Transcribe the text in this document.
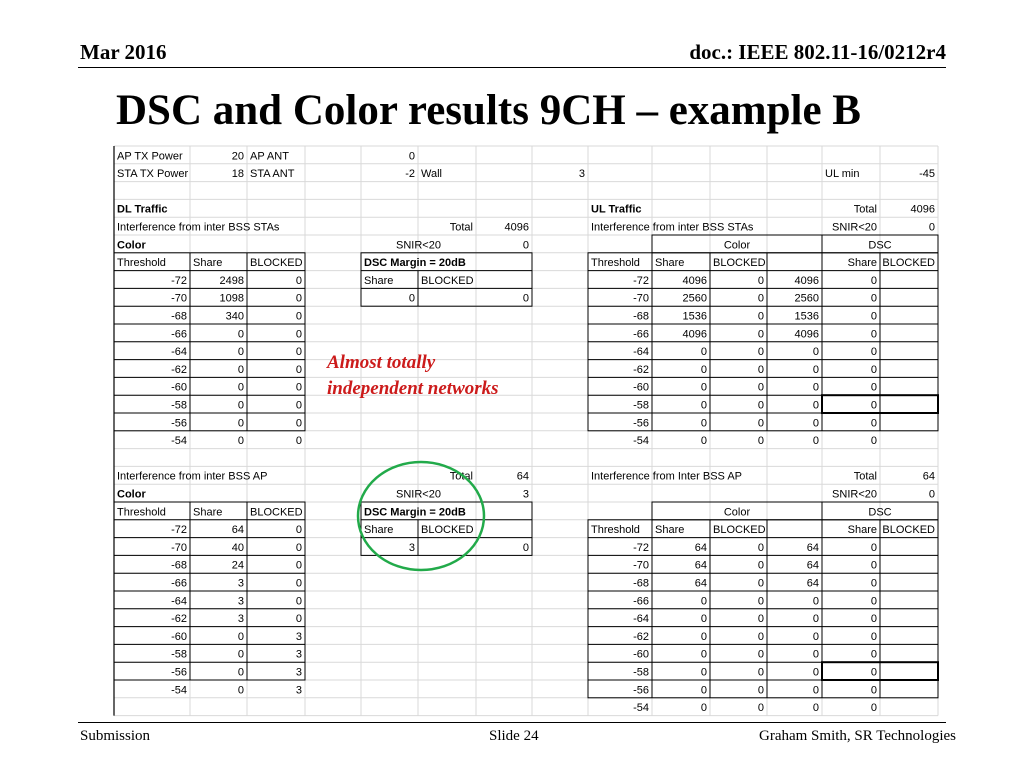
Mar 2016	doc.: IEEE 802.11-16/0212r4
DSC and Color results 9CH – example B
AP TX Power	20 AP ANT	0
STA TX Power	18 STA ANT	-2 Wall	3	UL min	-45
DL Traffic
Interference from inter BSS STAs	Total	4096
Color	SNIR<20	0
Threshold Share	BLOCKED
-72	2498	0
-70	1098	0
-68	340	0
-66	0	0
-64	0	0
-62	0	0
-60	0	0
-58	0	0
-56	0	0
-54	0	0
DSC Margin = 20dB
Share	BLOCKED
0	0
Interference from inter BSS AP	Total	64
Color	SNIR<20	3
Threshold Share	BLOCKED
-72	64	0
-70	40	0
-68	24	0
-66	3	0
-64	3	0
-62	3	0
-60	0	3
-58	0	3
-56	0	3
-54	0	3
DSC Margin = 20dB
Share	BLOCKED
3	0
UL Traffic	Total	4096
Interference from inter BSS STAs	SNIR<20	0
Color	DSC
Threshold Share	BLOCKED	Share BLOCKED
-72	4096	0	4096	0
-70	2560	0	2560	0
-68	1536	0	1536	0
-66	4096	0	4096	0
-64	0	0	0	0
-62	0	0	0	0
-60	0	0	0	0
-58	0	0	0	0
-56	0	0	0	0
-54	0	0	0	0
Interference from Inter BSS AP	Total	64
SNIR<20	0
Color	DSC
Threshold Share	BLOCKED	Share BLOCKED
-72	64	0	64	0
-70	64	0	64	0
-68	64	0	64	0
-66	0	0	0	0
-64	0	0	0	0
-62	0	0	0	0
-60	0	0	0	0
-58	0	0	0	0
-56	0	0	0	0
-54	0	0	0	0
Almost totally
independent networks
Submission	Slide 24	Graham Smith, SR Technologies
